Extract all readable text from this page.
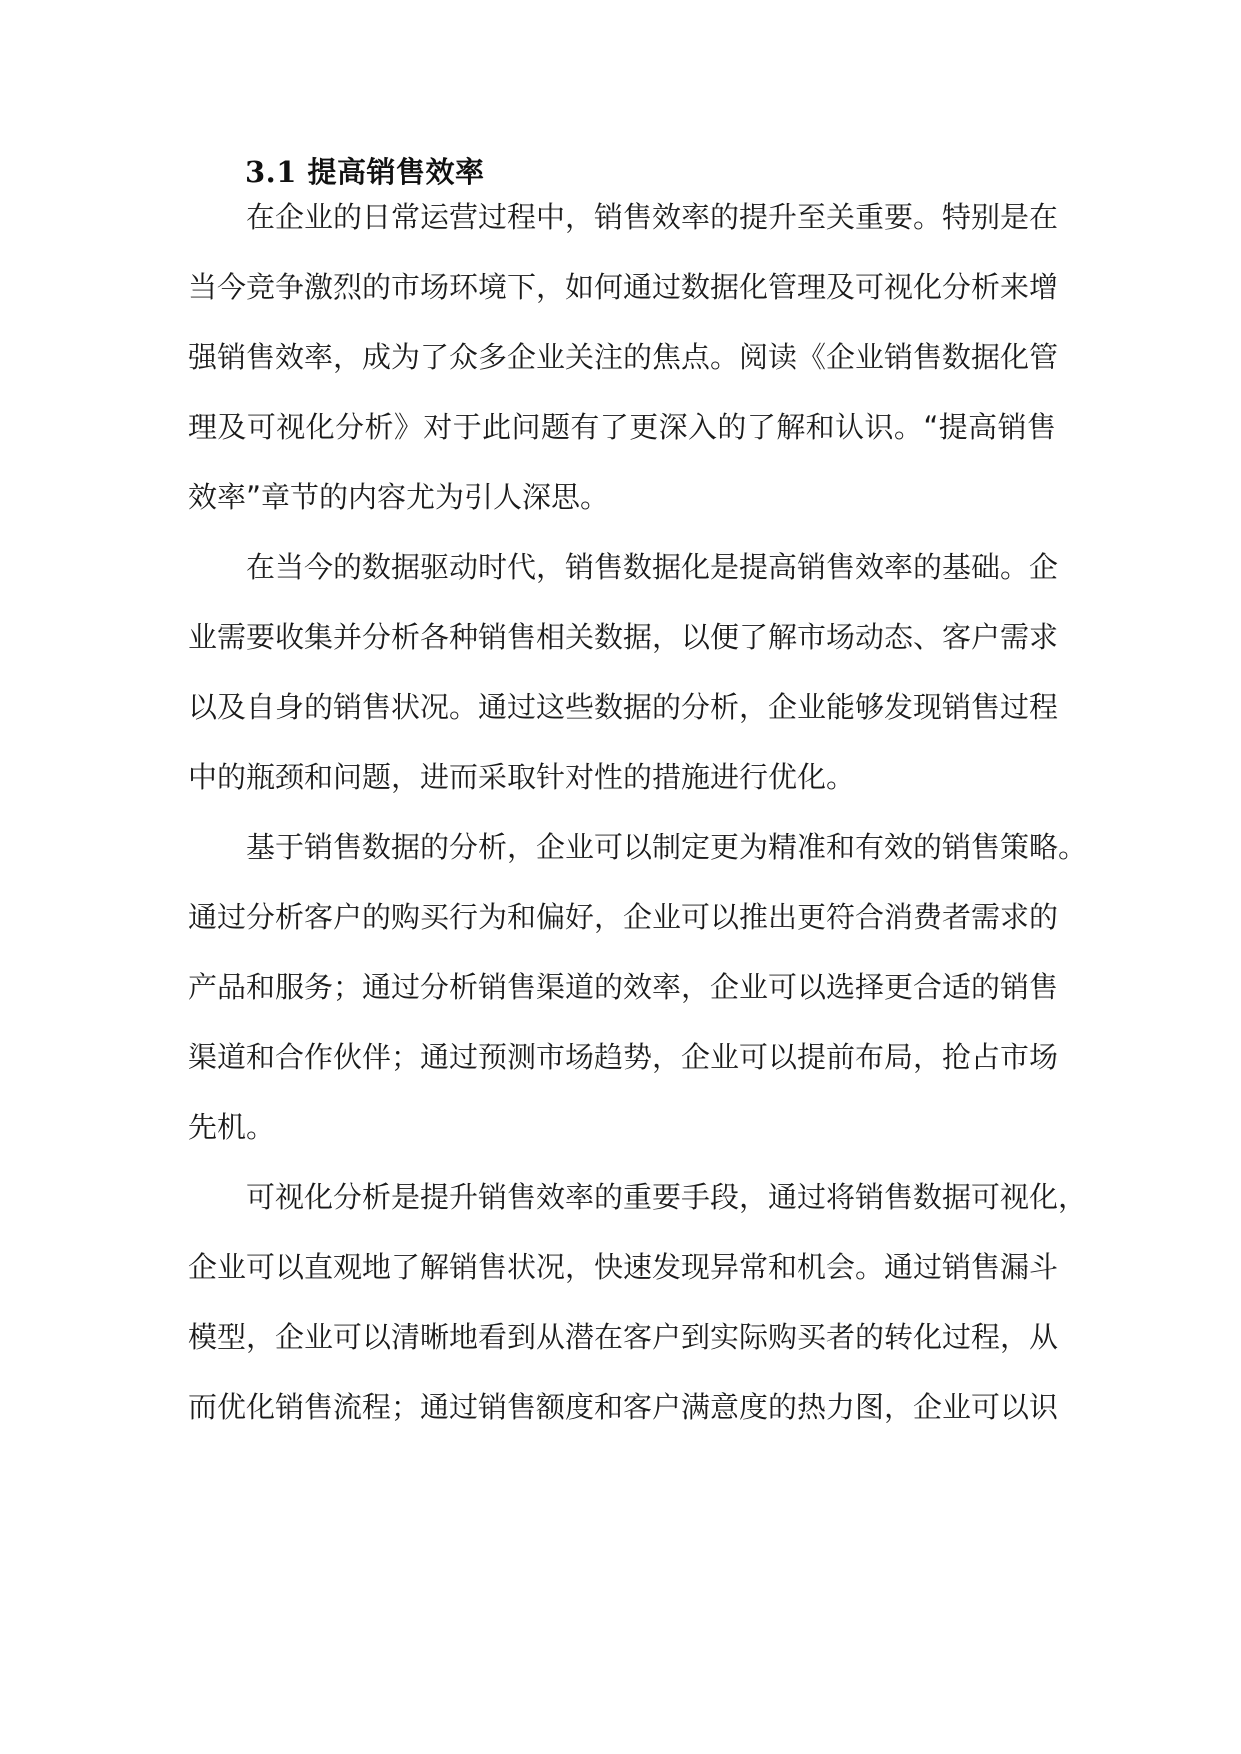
3.1 提高销售效率
在企业的日常运营过程中，销售效率的提升至关重要。特别是在
当今竞争激烈的市场环境下，如何通过数据化管理及可视化分析来增
强销售效率，成为了众多企业关注的焦点。阅读《企业销售数据化管
理及可视化分析》对于此问题有了更深入的了解和认识。“提高销售
效率”章节的内容尤为引人深思。
在当今的数据驱动时代，销售数据化是提高销售效率的基础。企
业需要收集并分析各种销售相关数据，以便了解市场动态、客户需求
以及自身的销售状况。通过这些数据的分析，企业能够发现销售过程
中的瓶颈和问题，进而采取针对性的措施进行优化。
基于销售数据的分析，企业可以制定更为精准和有效的销售策略。
通过分析客户的购买行为和偏好，企业可以推出更符合消费者需求的
产品和服务；通过分析销售渠道的效率，企业可以选择更合适的销售
渠道和合作伙伴；通过预测市场趋势，企业可以提前布局，抢占市场
先机。
可视化分析是提升销售效率的重要手段，通过将销售数据可视化，
企业可以直观地了解销售状况，快速发现异常和机会。通过销售漏斗
模型，企业可以清晰地看到从潜在客户到实际购买者的转化过程，从
而优化销售流程；通过销售额度和客户满意度的热力图，企业可以识
